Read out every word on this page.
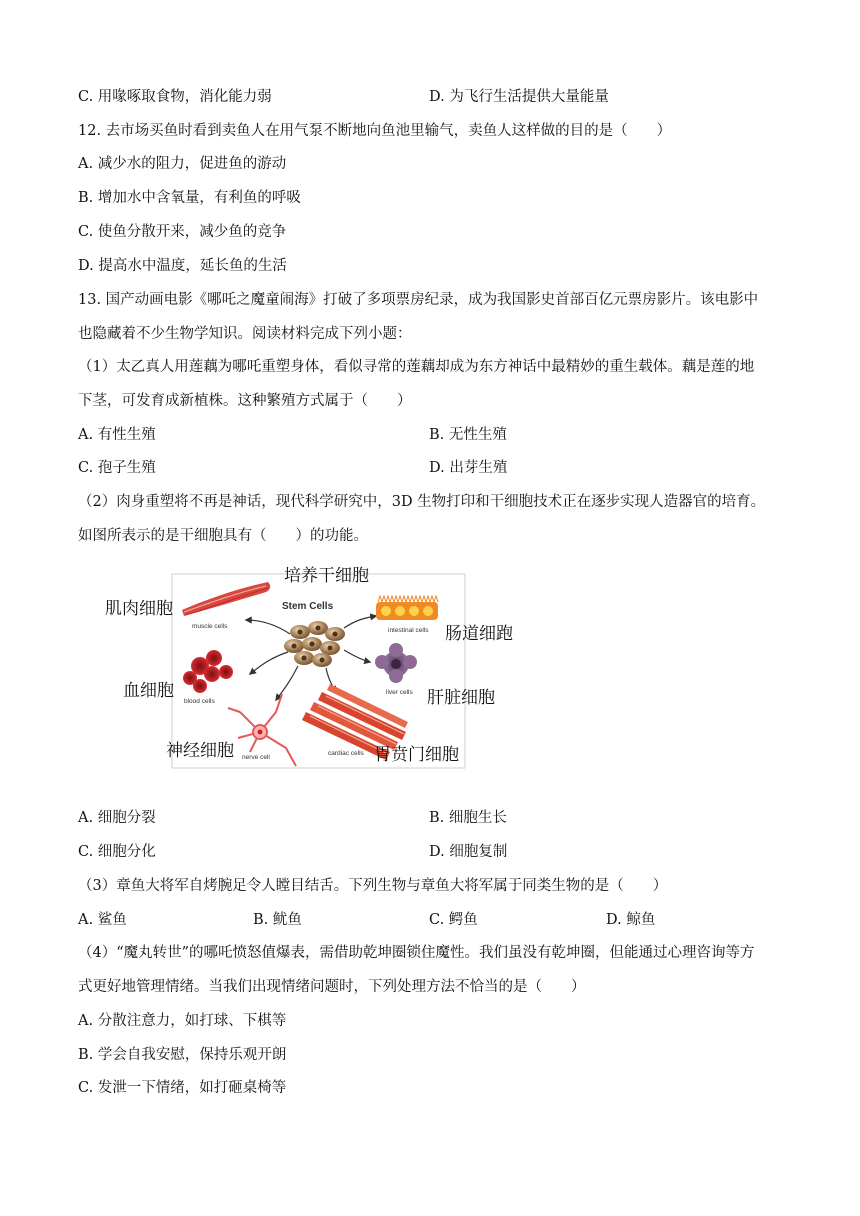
C. 用喙啄取食物，消化能力弱	D. 为飞行生活提供大量能量
12. 去市场买鱼时看到卖鱼人在用气泵不断地向鱼池里输气，卖鱼人这样做的目的是（　　）
A. 减少水的阻力，促进鱼的游动
B. 增加水中含氧量，有利鱼的呼吸
C. 使鱼分散开来，减少鱼的竞争
D. 提高水中温度，延长鱼的生活
13. 国产动画电影《哪吒之魔童闹海》打破了多项票房纪录，成为我国影史首部百亿元票房影片。该电影中
也隐藏着不少生物学知识。阅读材料完成下列小题：
（1）太乙真人用莲藕为哪吒重塑身体，看似寻常的莲藕却成为东方神话中最精妙的重生载体。藕是莲的地
下茎，可发育成新植株。这种繁殖方式属于（　　）
A. 有性生殖	B. 无性生殖
C. 孢子生殖	D. 出芽生殖
（2）肉身重塑将不再是神话，现代科学研究中，3D 生物打印和干细胞技术正在逐步实现人造器官的培育。
如图所表示的是干细胞具有（　　）的功能。
muscle cells
Stem Cells
intestinal cells
blood cells
liver cells
nerve cell
cardiac cells
培养干细胞
肌肉细胞
肠道细跑
血细胞	肝脏细胞
神经细胞	胃贲门细胞
A. 细胞分裂	B. 细胞生长
C. 细胞分化	D. 细胞复制
（3）章鱼大将军自烤腕足令人瞠目结舌。下列生物与章鱼大将军属于同类生物的是（　　）
A. 鲨鱼	B. 鱿鱼	C. 鳄鱼	D. 鲸鱼
（4）“魔丸转世”的哪吒愤怒值爆表，需借助乾坤圈锁住魔性。我们虽没有乾坤圈，但能通过心理咨询等方
式更好地管理情绪。当我们出现情绪问题时，下列处理方法不恰当的是（　　）
A. 分散注意力，如打球、下棋等
B. 学会自我安慰，保持乐观开朗
C. 发泄一下情绪，如打砸桌椅等
